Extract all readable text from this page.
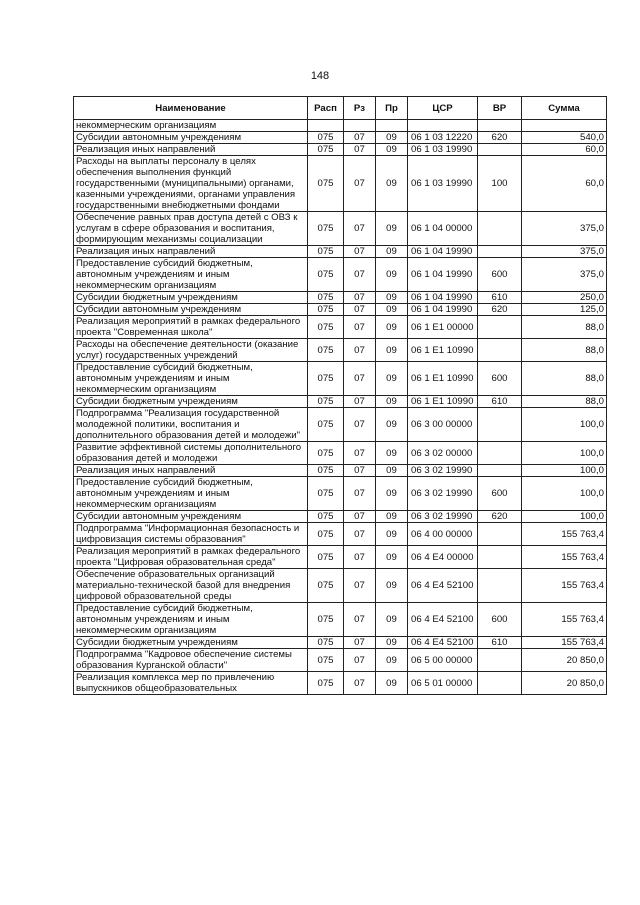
148
Наименование	Расп	Рз	Пр	ЦСР	ВР	Сумма
некоммерческим организациям						
Субсидии автономным учреждениям	075	07	09	06 1 03 12220	620	540,0
Реализация иных направлений	075	07	09	06 1 03 19990		60,0
Расходы на выплаты персоналу в целях обеспечения выполнения функций государственными (муниципальными) органами, казенными учреждениями, органами управления государственными внебюджетными фондами	075	07	09	06 1 03 19990	100	60,0
Обеспечение равных прав доступа детей с ОВЗ к услугам в сфере образования и воспитания, формирующим механизмы социализации	075	07	09	06 1 04 00000		375,0
Реализация иных направлений	075	07	09	06 1 04 19990		375,0
Предоставление субсидий бюджетным, автономным учреждениям и иным некоммерческим организациям	075	07	09	06 1 04 19990	600	375,0
Субсидии бюджетным учреждениям	075	07	09	06 1 04 19990	610	250,0
Субсидии автономным учреждениям	075	07	09	06 1 04 19990	620	125,0
Реализация мероприятий в рамках федерального проекта "Современная школа"	075	07	09	06 1 E1 00000		88,0
Расходы на обеспечение деятельности (оказание услуг) государственных учреждений	075	07	09	06 1 E1 10990		88,0
Предоставление субсидий бюджетным, автономным учреждениям и иным некоммерческим организациям	075	07	09	06 1 E1 10990	600	88,0
Субсидии бюджетным учреждениям	075	07	09	06 1 E1 10990	610	88,0
Подпрограмма "Реализация государственной молодежной политики, воспитания и дополнительного образования детей и молодежи"	075	07	09	06 3 00 00000		100,0
Развитие эффективной системы дополнительного образования детей и молодежи	075	07	09	06 3 02 00000		100,0
Реализация иных направлений	075	07	09	06 3 02 19990		100,0
Предоставление субсидий бюджетным, автономным учреждениям и иным некоммерческим организациям	075	07	09	06 3 02 19990	600	100,0
Субсидии автономным учреждениям	075	07	09	06 3 02 19990	620	100,0
Подпрограмма "Информационная безопасность и цифровизация системы образования"	075	07	09	06 4 00 00000		155 763,4
Реализация мероприятий в рамках федерального проекта "Цифровая образовательная среда"	075	07	09	06 4 E4 00000		155 763,4
Обеспечение образовательных организаций материально-технической базой для внедрения цифровой образовательной среды	075	07	09	06 4 E4 52100		155 763,4
Предоставление субсидий бюджетным, автономным учреждениям и иным некоммерческим организациям	075	07	09	06 4 E4 52100	600	155 763,4
Субсидии бюджетным учреждениям	075	07	09	06 4 E4 52100	610	155 763,4
Подпрограмма "Кадровое обеспечение системы образования Курганской области"	075	07	09	06 5 00 00000		20 850,0
Реализация комплекса мер по привлечению выпускников общеобразовательных	075	07	09	06 5 01 00000		20 850,0
